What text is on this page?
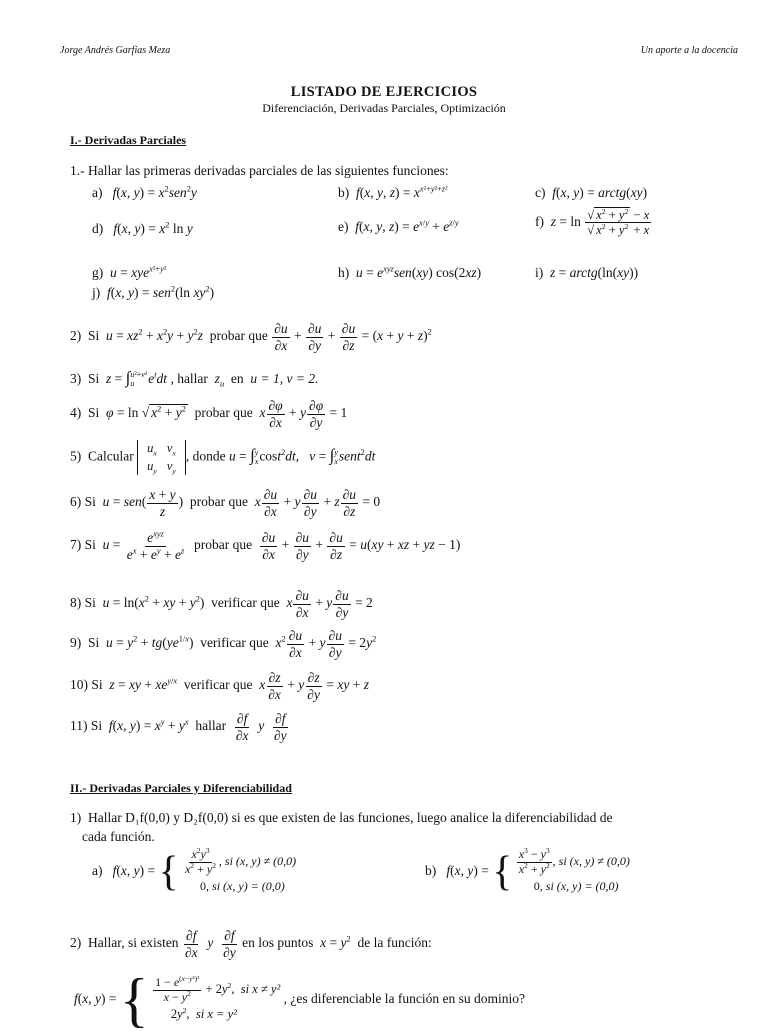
Jorge Andrés Garfias Meza	Un aporte a la docencia
LISTADO DE EJERCICIOS
Diferenciación, Derivadas Parciales, Optimización
I.- Derivadas Parciales
1.- Hallar las primeras derivadas parciales de las siguientes funciones:
a) f(x, $y) = x^2sen^2y$	b) f(x, y, $z) = x^{x^2+y^2+z^2}$	c) f(x, y) = arctg(xy)
d) f(x, $y) = x^2$ ln y	e) f(x, y, $z) = e^{x/y} + e^{z/y}$	f) $z = \ln \frac{√ x^2 + y^2 - x}{√ x^2 + y^2 + x}$
g) u = xye$^{x^2+y^2}$	h) $u = e^{xyz}sen(xy)$ cos(2xz)	i) z = arctg(ln(xy))
j) f(x, y) = sen$^2$(ln $xy^2$)
2) Si $u = xz^2 + x^2y + y^2z$ probar que $\frac{\partial u}{\partial x} + \frac{\partial u}{\partial y} + \frac{\partial u}{\partial z} = (x + y + z)^2$
3) Si z = ∫ u²+v²
u	$e^tdt$ , hallar $z_u$ en u = 1, v = 2.
4) Si φ = ln √ $x^2 + y^2$ probar que x $\frac{\partial\varphi}{\partial x} + y \frac{\partial\varphi}{\partial y} = 1$
5) Calcular
$u_x$	$v_x$
$u_y$	$v_y$
, donde u = ∫ y
x cost$^2$dt,   v = ∫ y
x sent$^2$dt
6) Si $u = sen( \frac{x + y}{z}$ )  probar que x $\frac{\partial u}{\partial x} + y \frac{\partial u}{\partial y} + z \frac{\partial u}{\partial z} = 0$
7) Si $u = \frac{e^{xyz}}{e^x + e^y + e^z}$ probar que $\frac{\partial u}{\partial x} + \frac{\partial u}{\partial y} + \frac{\partial u}{\partial z} = u(xy$ + xz + yz − 1)
8) Si $u = \ln(x^2$ + xy + $y^2$)  verificar que x $\frac{\partial u}{\partial x} + y \frac{\partial u}{\partial y} = 2$
9) Si $u = y^2 + tg(ye^{1/x})$  verificar que $x^2 \frac{\partial u}{\partial x} + y \frac{\partial u}{\partial y} = 2y^2$
10) Si z = xy + $xe^{y/x}$ verificar que x $\frac{\partial z}{\partial x} + y \frac{\partial z}{\partial y}$ = xy + z
11) Si f(x, $y) = x^y + y^x$ hallar $\frac{\partial f}{\partial x}$ y $\frac{\partial f}{\partial y}$
II.- Derivadas Parciales y Diferenciabilidad
1) Hallar D₁f(0,0) y D₂f(0,0) si es que existen de las funciones, luego analice la diferenciabilidad de
cada función.
a) f(x, y) = { $\frac{x^2y^3}{x^2 + y^2}$ , si (x, y) ≠ (0,0)
0, si (x, y) = (0,0)
b) f(x, y) = { $\frac{x^3 - y^3}{x^2 + y^2}$ , si (x, y) ≠ (0,0)
0, si (x, y) = (0,0)
2) Hallar, si existen $\frac{\partial f}{\partial x}$ y $\frac{\partial f}{\partial y}$ en los puntos $x = y^2$ de la función:
f(x, y) = { $\frac{1 - e^{(x-y^2)^2}}{x - y^2} + 2y^2$,  si x ≠ y²
$2y^2$,  si x = y² , ¿es diferenciable la función en su dominio?
